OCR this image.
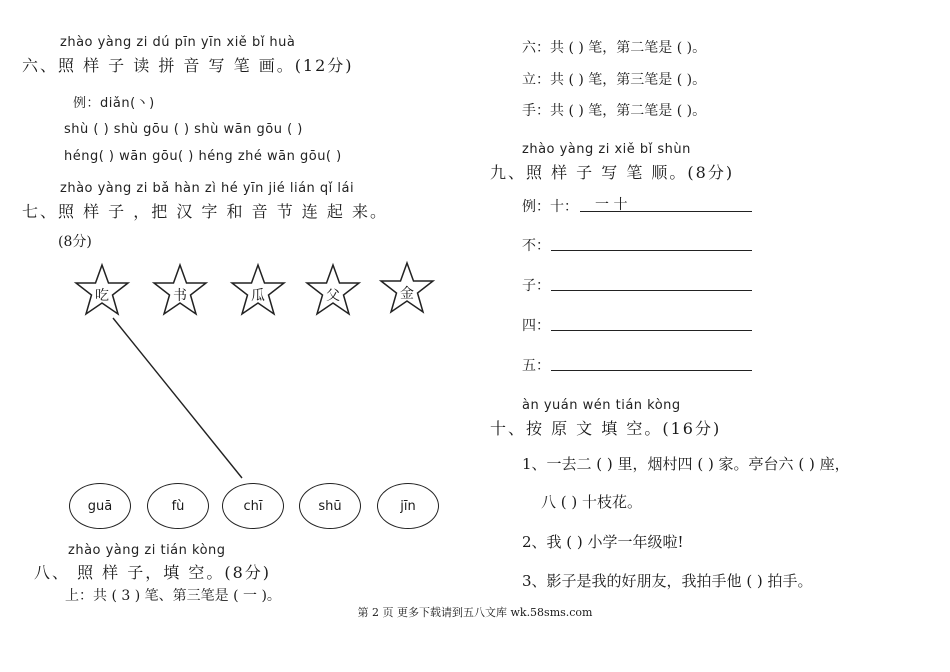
zhào yàng zi dú pīn yīn xiě bǐ huà
六、照 样 子 读 拼 音 写 笔 画。(12分)
例：diǎn(丶)
shù ( ) shù gōu ( ) shù wān gōu ( )
héng( ) wān gōu( ) héng zhé wān gōu( )
zhào yàng zi bǎ hàn zì hé yīn jié lián qǐ lái
七、照 样 子 ，把 汉 字 和 音 节 连 起 来。
(8分)
吃	书	瓜	父	金
guā	fù	chī	shū	jīn
zhào yàng zi tián kòng
八、 照 样 子，填 空。(8分)
上：共 ( 3 ) 笔、第三笔是 ( 一 )。
六：共 ( ) 笔，第二笔是 ( )。
立：共 ( ) 笔，第三笔是 ( )。
手：共 ( ) 笔，第二笔是 ( )。
zhào yàng zi xiě bǐ shùn
九、照 样 子 写 笔 顺。(8分)
例：十： 一 十
不：
子：
四：
五：
àn yuán wén tián kòng
十、按 原 文 填 空。(16分)
1、一去二 ( ) 里，烟村四 ( ) 家。亭台六 ( ) 座，
八 ( ) 十枝花。
2、我 ( ) 小学一年级啦!
3、影子是我的好朋友，我拍手他 ( ) 拍手。
第 2 页 更多下载请到五八文库 wk.58sms.com
